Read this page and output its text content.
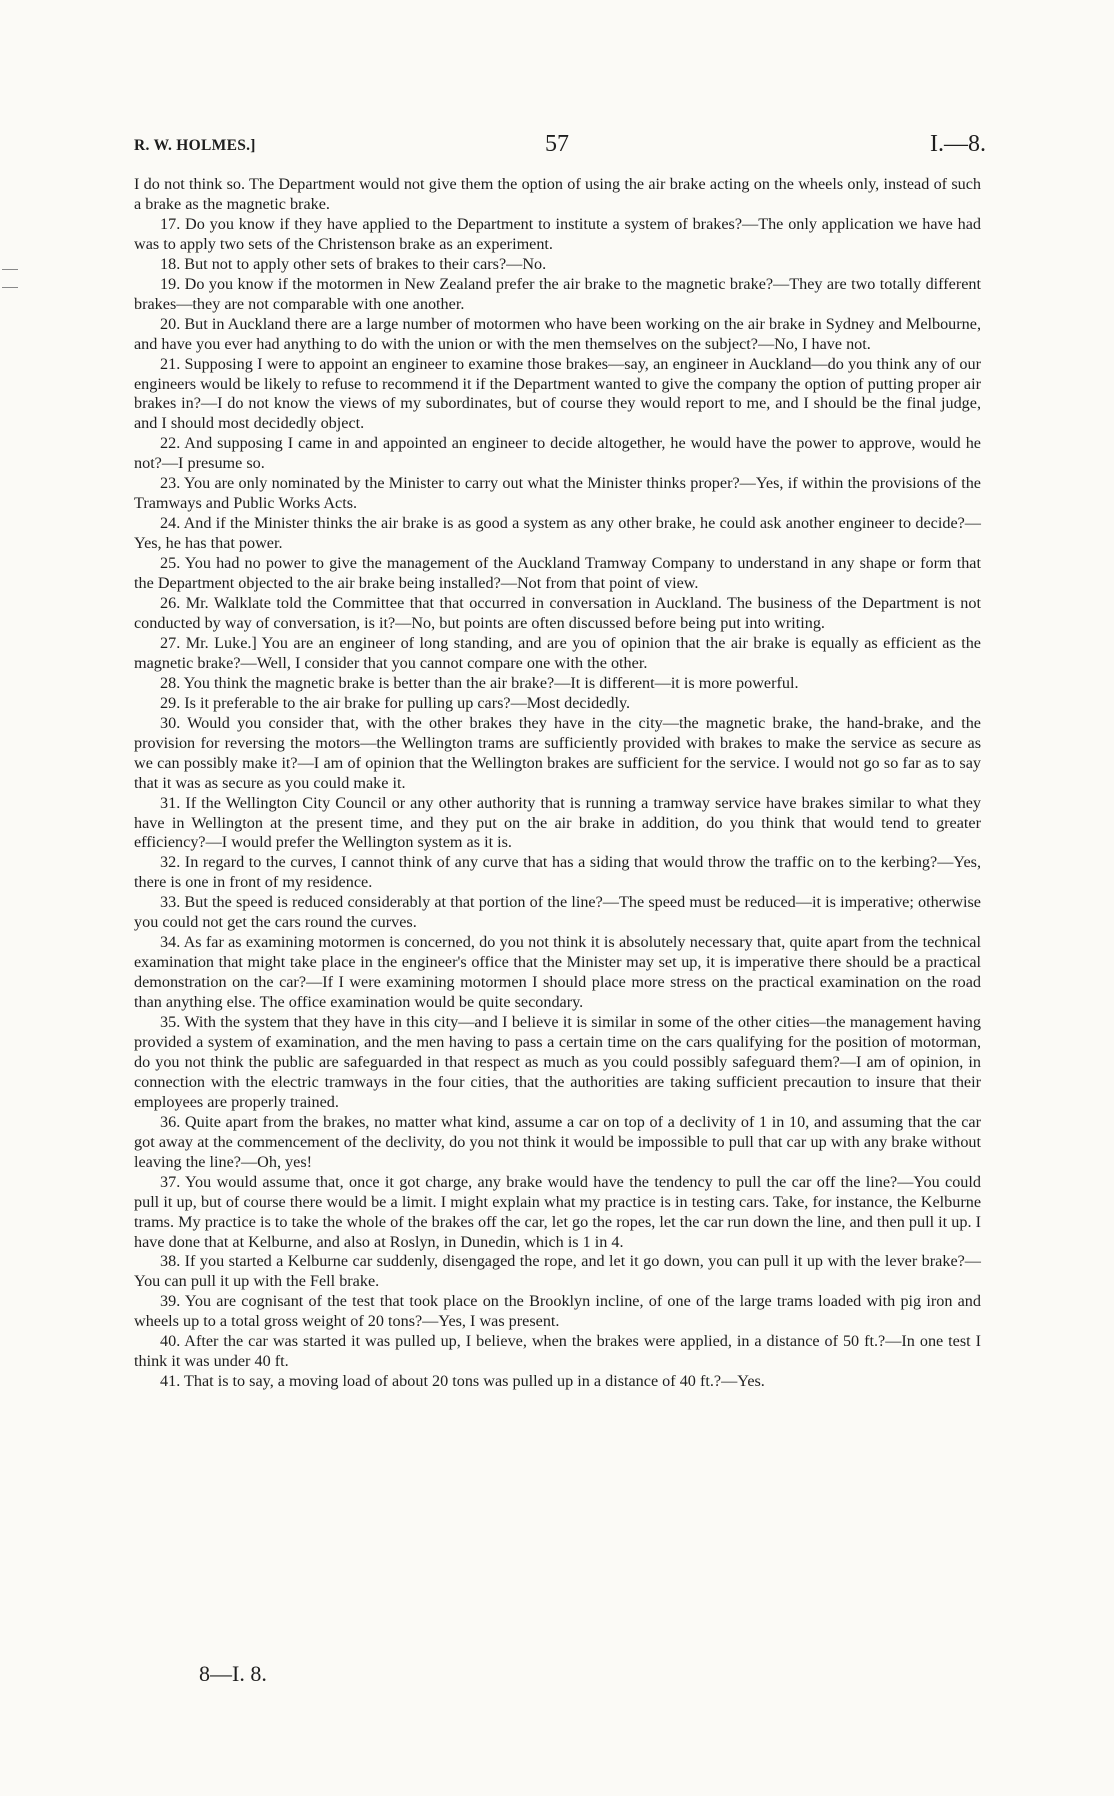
R. W. HOLMES.]	57	I.—8.

I do not think so. The Department would not give them the option of using the air brake acting on the wheels only, instead of such a brake as the magnetic brake.

17. Do you know if they have applied to the Department to institute a system of brakes?—The only application we have had was to apply two sets of the Christenson brake as an experiment.

18. But not to apply other sets of brakes to their cars?—No.

19. Do you know if the motormen in New Zealand prefer the air brake to the magnetic brake?—They are two totally different brakes—they are not comparable with one another.

20. But in Auckland there are a large number of motormen who have been working on the air brake in Sydney and Melbourne, and have you ever had anything to do with the union or with the men themselves on the subject?—No, I have not.

21. Supposing I were to appoint an engineer to examine those brakes—say, an engineer in Auckland—do you think any of our engineers would be likely to refuse to recommend it if the Department wanted to give the company the option of putting proper air brakes in?—I do not know the views of my subordinates, but of course they would report to me, and I should be the final judge, and I should most decidedly object.

22. And supposing I came in and appointed an engineer to decide altogether, he would have the power to approve, would he not?—I presume so.

23. You are only nominated by the Minister to carry out what the Minister thinks proper?—Yes, if within the provisions of the Tramways and Public Works Acts.

24. And if the Minister thinks the air brake is as good a system as any other brake, he could ask another engineer to decide?—Yes, he has that power.

25. You had no power to give the management of the Auckland Tramway Company to understand in any shape or form that the Department objected to the air brake being installed?—Not from that point of view.

26. Mr. Walklate told the Committee that that occurred in conversation in Auckland. The business of the Department is not conducted by way of conversation, is it?—No, but points are often discussed before being put into writing.

27. Mr. Luke.] You are an engineer of long standing, and are you of opinion that the air brake is equally as efficient as the magnetic brake?—Well, I consider that you cannot compare one with the other.

28. You think the magnetic brake is better than the air brake?—It is different—it is more powerful.

29. Is it preferable to the air brake for pulling up cars?—Most decidedly.

30. Would you consider that, with the other brakes they have in the city—the magnetic brake, the hand-brake, and the provision for reversing the motors—the Wellington trams are sufficiently provided with brakes to make the service as secure as we can possibly make it?—I am of opinion that the Wellington brakes are sufficient for the service. I would not go so far as to say that it was as secure as you could make it.

31. If the Wellington City Council or any other authority that is running a tramway service have brakes similar to what they have in Wellington at the present time, and they put on the air brake in addition, do you think that would tend to greater efficiency?—I would prefer the Wellington system as it is.

32. In regard to the curves, I cannot think of any curve that has a siding that would throw the traffic on to the kerbing?—Yes, there is one in front of my residence.

33. But the speed is reduced considerably at that portion of the line?—The speed must be reduced—it is imperative; otherwise you could not get the cars round the curves.

34. As far as examining motormen is concerned, do you not think it is absolutely necessary that, quite apart from the technical examination that might take place in the engineer's office that the Minister may set up, it is imperative there should be a practical demonstration on the car?—If I were examining motormen I should place more stress on the practical examination on the road than anything else. The office examination would be quite secondary.

35. With the system that they have in this city—and I believe it is similar in some of the other cities—the management having provided a system of examination, and the men having to pass a certain time on the cars qualifying for the position of motorman, do you not think the public are safeguarded in that respect as much as you could possibly safeguard them?—I am of opinion, in connection with the electric tramways in the four cities, that the authorities are taking sufficient precaution to insure that their employees are properly trained.

36. Quite apart from the brakes, no matter what kind, assume a car on top of a declivity of 1 in 10, and assuming that the car got away at the commencement of the declivity, do you not think it would be impossible to pull that car up with any brake without leaving the line?—Oh, yes!

37. You would assume that, once it got charge, any brake would have the tendency to pull the car off the line?—You could pull it up, but of course there would be a limit. I might explain what my practice is in testing cars. Take, for instance, the Kelburne trams. My practice is to take the whole of the brakes off the car, let go the ropes, let the car run down the line, and then pull it up. I have done that at Kelburne, and also at Roslyn, in Dunedin, which is 1 in 4.

38. If you started a Kelburne car suddenly, disengaged the rope, and let it go down, you can pull it up with the lever brake?—You can pull it up with the Fell brake.

39. You are cognisant of the test that took place on the Brooklyn incline, of one of the large trams loaded with pig iron and wheels up to a total gross weight of 20 tons?—Yes, I was present.

40. After the car was started it was pulled up, I believe, when the brakes were applied, in a distance of 50 ft.?—In one test I think it was under 40 ft.

41. That is to say, a moving load of about 20 tons was pulled up in a distance of 40 ft.?—Yes.

8—I. 8.
